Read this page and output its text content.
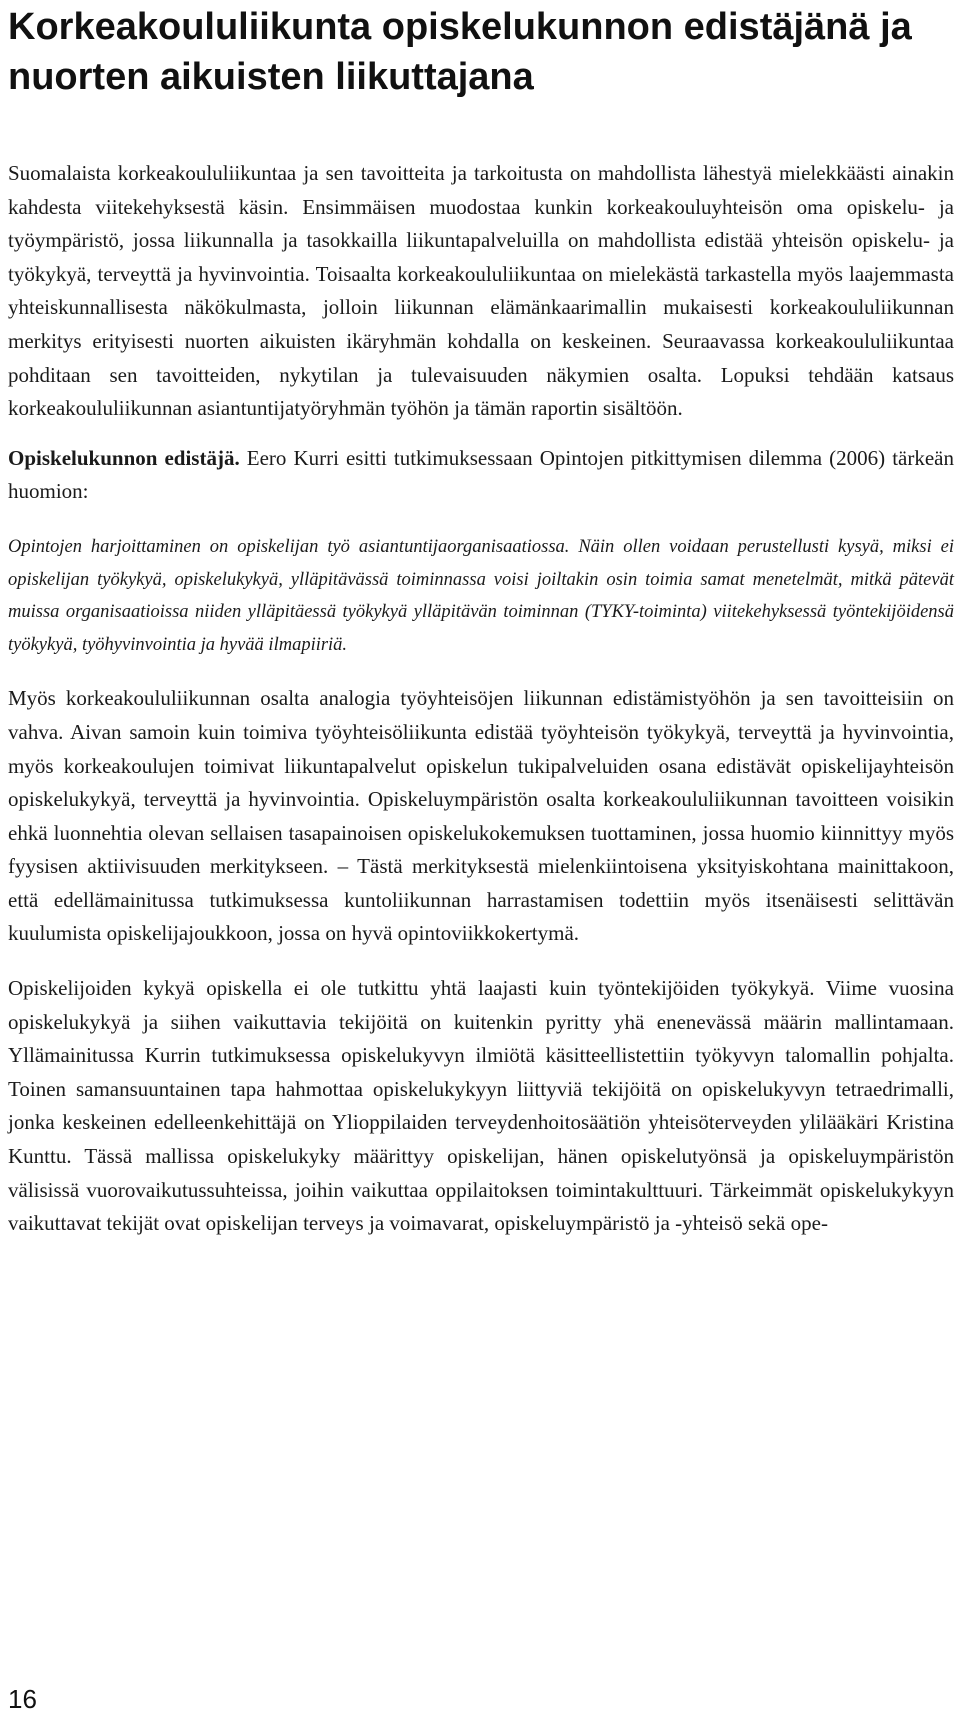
Korkeakoululiikunta opiskelukunnon edistäjänä ja nuorten aikuisten liikuttajana

Suomalaista korkeakoululiikuntaa ja sen tavoitteita ja tarkoitusta on mahdollista lähestyä mielekkäästi ainakin kahdesta viitekehyksestä käsin. Ensimmäisen muodostaa kunkin korkeakouluyhteisön oma opiskelu- ja työympäristö, jossa liikunnalla ja tasokkailla liikuntapalveluilla on mahdollista edistää yhteisön opiskelu- ja työkykyä, terveyttä ja hyvinvointia. Toisaalta korkeakoululiikuntaa on mielekästä tarkastella myös laajemmasta yhteiskunnallisesta näkökulmasta, jolloin liikunnan elämänkaarimallin mukaisesti korkeakoululiikunnan merkitys erityisesti nuorten aikuisten ikäryhmän kohdalla on keskeinen. Seuraavassa korkeakoululiikuntaa pohditaan sen tavoitteiden, nykytilan ja tulevaisuuden näkymien osalta. Lopuksi tehdään katsaus korkeakoululiikunnan asiantuntijatyöryhmän työhön ja tämän raportin sisältöön.

Opiskelukunnon edistäjä. Eero Kurri esitti tutkimuksessaan Opintojen pitkittymisen dilemma (2006) tärkeän huomion:

Opintojen harjoittaminen on opiskelijan työ asiantuntijaorganisaatiossa. Näin ollen voidaan perustellusti kysyä, miksi ei opiskelijan työkykyä, opiskelukykyä, ylläpitävässä toiminnassa voisi joiltakin osin toimia samat menetelmät, mitkä pätevät muissa organisaatioissa niiden ylläpitäessä työkykyä ylläpitävän toiminnan (TYKY-toiminta) viitekehyksessä työntekijöidensä työkykyä, työhyvinvointia ja hyvää ilmapiiriä.

Myös korkeakoululiikunnan osalta analogia työyhteisöjen liikunnan edistämistyöhön ja sen tavoitteisiin on vahva. Aivan samoin kuin toimiva työyhteisöliikunta edistää työyhteisön työkykyä, terveyttä ja hyvinvointia, myös korkeakoulujen toimivat liikuntapalvelut opiskelun tukipalveluiden osana edistävät opiskelijayhteisön opiskelukykyä, terveyttä ja hyvinvointia. Opiskeluympäristön osalta korkeakoululiikunnan tavoitteen voisikin ehkä luonnehtia olevan sellaisen tasapainoisen opiskelukokemuksen tuottaminen, jossa huomio kiinnittyy myös fyysisen aktiivisuuden merkitykseen. – Tästä merkityksestä mielenkiintoisena yksityiskohtana mainittakoon, että edellämainitussa tutkimuksessa kuntoliikunnan harrastamisen todettiin myös itsenäisesti selittävän kuulumista opiskelijajoukkoon, jossa on hyvä opintoviikkokertymä.

Opiskelijoiden kykyä opiskella ei ole tutkittu yhtä laajasti kuin työntekijöiden työkykyä. Viime vuosina opiskelukykyä ja siihen vaikuttavia tekijöitä on kuitenkin pyritty yhä enenevässä määrin mallintamaan. Yllämainitussa Kurrin tutkimuksessa opiskelukyvyn ilmiötä käsitteellistettiin työkyvyn talomallin pohjalta. Toinen samansuuntainen tapa hahmottaa opiskelukykyyn liittyviä tekijöitä on opiskelukyvyn tetraedrimalli, jonka keskeinen edelleenkehittäjä on Ylioppilaiden terveydenhoitosäätiön yhteisöterveyden ylilääkäri Kristina Kunttu. Tässä mallissa opiskelukyky määrittyy opiskelijan, hänen opiskelutyönsä ja opiskeluympäristön välisissä vuorovaikutussuhteissa, joihin vaikuttaa oppilaitoksen toimintakulttuuri. Tärkeimmät opiskelukykyyn vaikuttavat tekijät ovat opiskelijan terveys ja voimavarat, opiskeluympäristö ja -yhteisö sekä ope-

16
